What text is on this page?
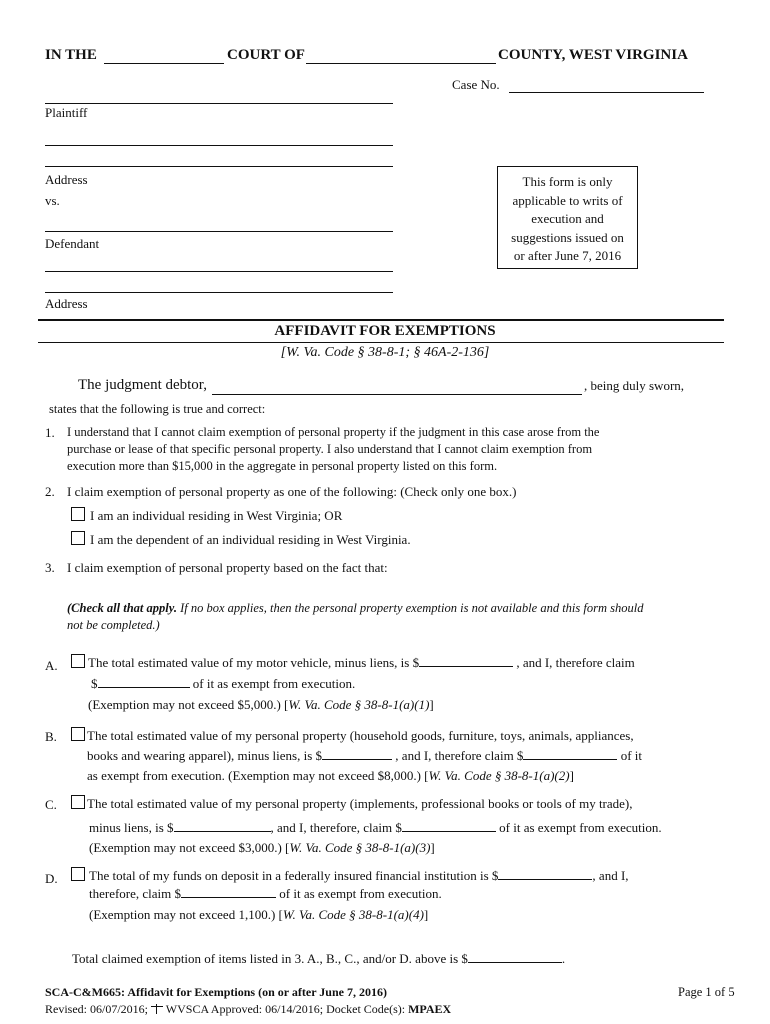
IN THE	COURT OF	COUNTY, WEST VIRGINIA
Case No.
Plaintiff
Address
vs.
Defendant
Address
This form is only
applicable to writs of
execution and
suggestions issued on
or after June 7, 2016
AFFIDAVIT FOR EXEMPTIONS
[W. Va. Code § 38-8-1; § 46A-2-136]
The judgment debtor,	, being duly sworn,
states that the following is true and correct:
1. I understand that I cannot claim exemption of personal property if the judgment in this case arose from the
purchase or lease of that specific personal property. I also understand that I cannot claim exemption from
execution more than $15,000 in the aggregate in personal property listed on this form.
2. I claim exemption of personal property as one of the following: (Check only one box.)
I am an individual residing in West Virginia; OR
I am the dependent of an individual residing in West Virginia.
3. I claim exemption of personal property based on the fact that:
(Check all that apply. If no box applies, then the personal property exemption is not available and this form should
not be completed.)
A. The total estimated value of my motor vehicle, minus liens, is $	, and I, therefore claim
$	of it as exempt from execution.
(Exemption may not exceed $5,000.) [W. Va. Code § 38-8-1(a)(1)]
B. The total estimated value of my personal property (household goods, furniture, toys, animals, appliances,
books and wearing apparel), minus liens, is $	, and I, therefore claim $	of it
as exempt from execution. (Exemption may not exceed $8,000.) [W. Va. Code § 38-8-1(a)(2)]
C. The total estimated value of my personal property (implements, professional books or tools of my trade),
minus liens, is $	, and I, therefore, claim $	of it as exempt from execution.
(Exemption may not exceed $3,000.) [W. Va. Code § 38-8-1(a)(3)]
D. The total of my funds on deposit in a federally insured financial institution is $	, and I,
therefore, claim $	of it as exempt from execution.
(Exemption may not exceed 1,100.) [W. Va. Code § 38-8-1(a)(4)]
Total claimed exemption of items listed in 3. A., B., C., and/or D. above is $	.
SCA-C&M665: Affidavit for Exemptions (on or after June 7, 2016)	Page 1 of 5
Revised: 06/07/2016;  WVSCA Approved: 06/14/2016; Docket Code(s): MPAEX
